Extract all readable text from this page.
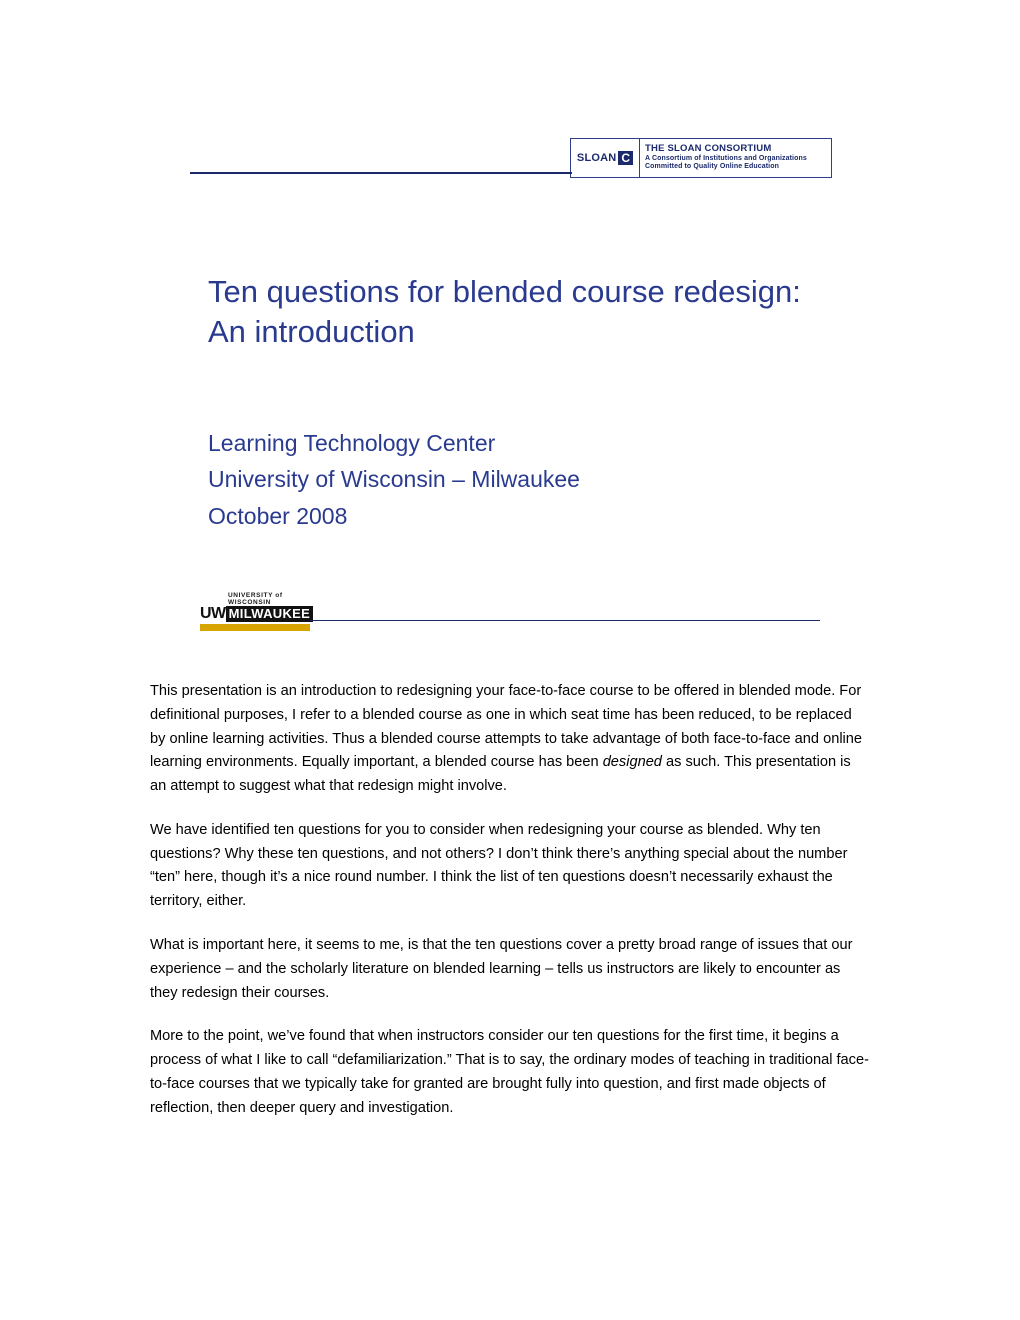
SLOAN C
THE SLOAN CONSORTIUM
A Consortium of Institutions and Organizations
Committed to Quality Online Education
Ten questions for blended course redesign: An introduction
Learning Technology Center
University of Wisconsin – Milwaukee
October 2008
UNIVERSITY of WISCONSIN
UW MILWAUKEE

This presentation is an introduction to redesigning your face-to-face course to be offered in blended mode. For definitional purposes, I refer to a blended course as one in which seat time has been reduced, to be replaced by online learning activities. Thus a blended course attempts to take advantage of both face-to-face and online learning environments. Equally important, a blended course has been designed as such. This presentation is an attempt to suggest what that redesign might involve.

We have identified ten questions for you to consider when redesigning your course as blended. Why ten questions? Why these ten questions, and not others? I don’t think there’s anything special about the number “ten” here, though it’s a nice round number. I think the list of ten questions doesn’t necessarily exhaust the territory, either.

What is important here, it seems to me, is that the ten questions cover a pretty broad range of issues that our experience – and the scholarly literature on blended learning – tells us instructors are likely to encounter as they redesign their courses.

More to the point, we’ve found that when instructors consider our ten questions for the first time, it begins a process of what I like to call “defamiliarization.” That is to say, the ordinary modes of teaching in traditional face-to-face courses that we typically take for granted are brought fully into question, and first made objects of reflection, then deeper query and investigation.
